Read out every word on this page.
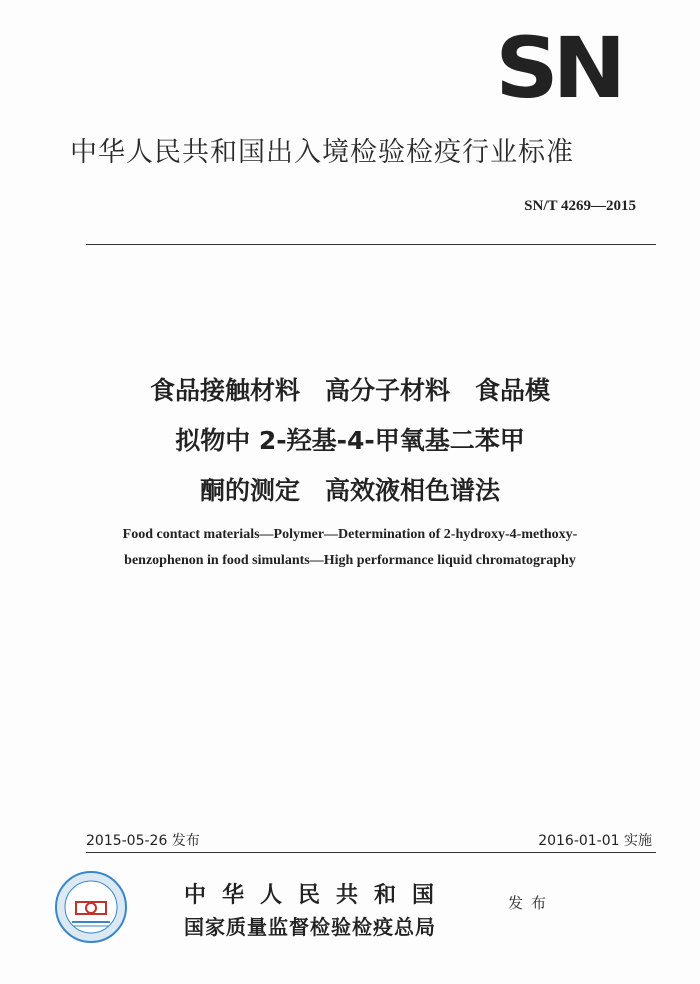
SN
中华人民共和国出入境检验检疫行业标准
SN/T 4269—2015
食品接触材料　高分子材料　食品模
拟物中 2-羟基-4-甲氧基二苯甲
酮的测定　高效液相色谱法
Food contact materials—Polymer—Determination of 2-hydroxy-4-methoxy-
benzophenon in food simulants—High performance liquid chromatography
2015-05-26 发布	2016-01-01 实施
中华人民共和国
国家质量监督检验检疫总局
发布
